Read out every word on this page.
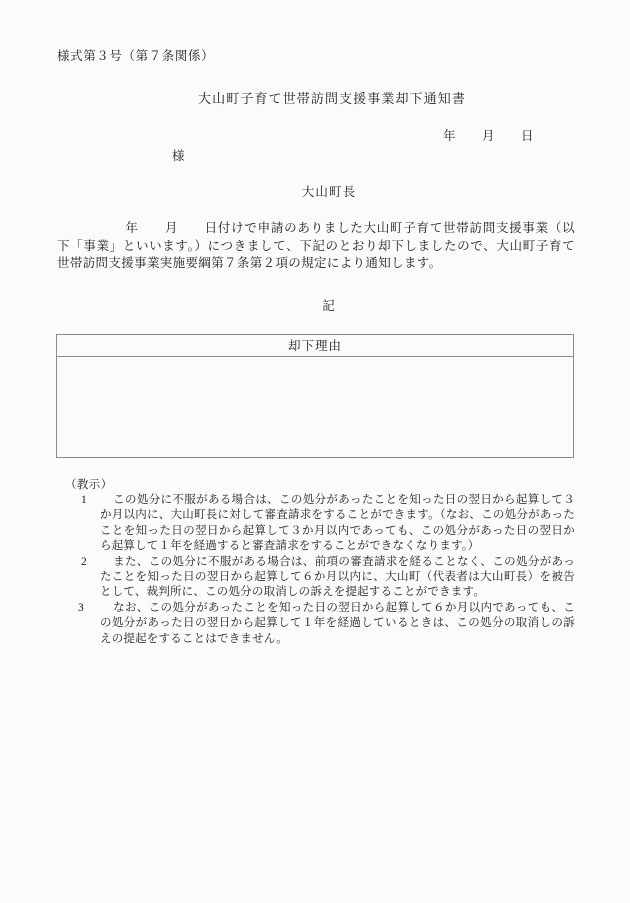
様式第３号（第７条関係）
大山町子育て世帯訪問支援事業却下通知書
年 月 日
様
大山町長
年 月 日付けで申請のありました大山町子育て世帯訪問支援事業（以下「事業」といいます。）につきまして、下記のとおり却下しましたので、大山町子育て世帯訪問支援事業実施要綱第７条第２項の規定により通知します。
記
却下理由

（教示）

1	この処分に不服がある場合は、この処分があったことを知った日の翌日から起算して３か月以内に、大山町長に対して審査請求をすることができます。（なお、この処分があったことを知った日の翌日から起算して３か月以内であっても、この処分があった日の翌日から起算して１年を経過すると審査請求をすることができなくなります。）

2	また、この処分に不服がある場合は、前項の審査請求を経ることなく、この処分があったことを知った日の翌日から起算して６か月以内に、大山町（代表者は大山町長）を被告として、裁判所に、この処分の取消しの訴えを提起することができます。

3	なお、この処分があったことを知った日の翌日から起算して６か月以内であっても、この処分があった日の翌日から起算して１年を経過しているときは、この処分の取消しの訴えの提起をすることはできません。
